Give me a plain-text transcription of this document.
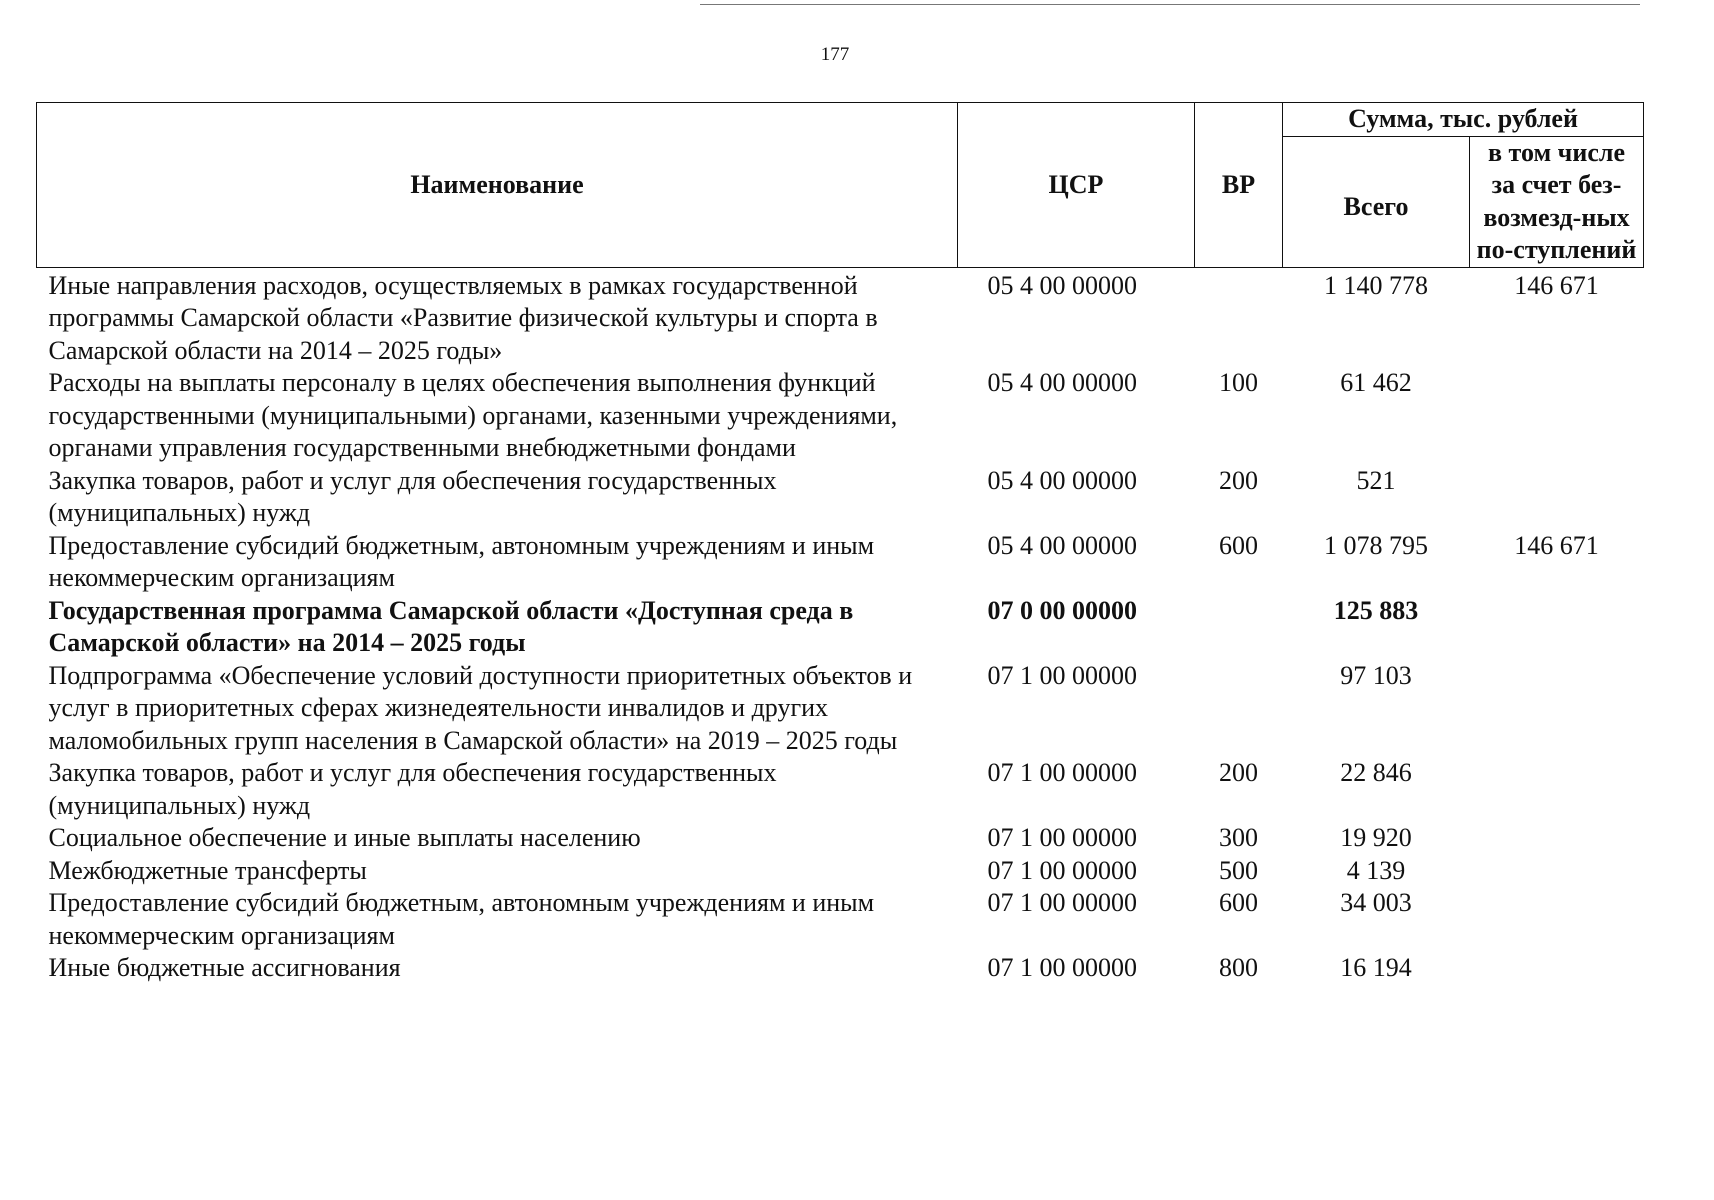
177
Наименование	ЦСР	ВР	Сумма, тыс. рублей	
			Всего	в том числе за счет без-возмезд-ных по-ступлений
Иные направления расходов, осуществляемых в рамках государственной программы Самарской области «Развитие физической культуры и спорта в Самарской области на 2014 – 2025 годы»	05 4 00 00000		1 140 778	146 671
Расходы на выплаты персоналу в целях обеспечения выполнения функций государственными (муниципальными) органами, казенными учреждениями, органами управления государственными внебюджетными фондами	05 4 00 00000	100	61 462	
Закупка товаров, работ и услуг для обеспечения государственных (муниципальных) нужд	05 4 00 00000	200	521	
Предоставление субсидий бюджетным, автономным учреждениям и иным некоммерческим организациям	05 4 00 00000	600	1 078 795	146 671
Государственная программа Самарской области «Доступная среда в Самарской области» на 2014 – 2025 годы	07 0 00 00000		125 883	
Подпрограмма «Обеспечение условий доступности приоритетных объектов и услуг в приоритетных сферах жизнедеятельности инвалидов и других маломобильных групп населения в Самарской области» на 2019 – 2025 годы	07 1 00 00000		97 103	
Закупка товаров, работ и услуг для обеспечения государственных (муниципальных) нужд	07 1 00 00000	200	22 846	
Социальное обеспечение и иные выплаты населению	07 1 00 00000	300	19 920	
Межбюджетные трансферты	07 1 00 00000	500	4 139	
Предоставление субсидий бюджетным, автономным учреждениям и иным некоммерческим организациям	07 1 00 00000	600	34 003	
Иные бюджетные ассигнования	07 1 00 00000	800	16 194	
